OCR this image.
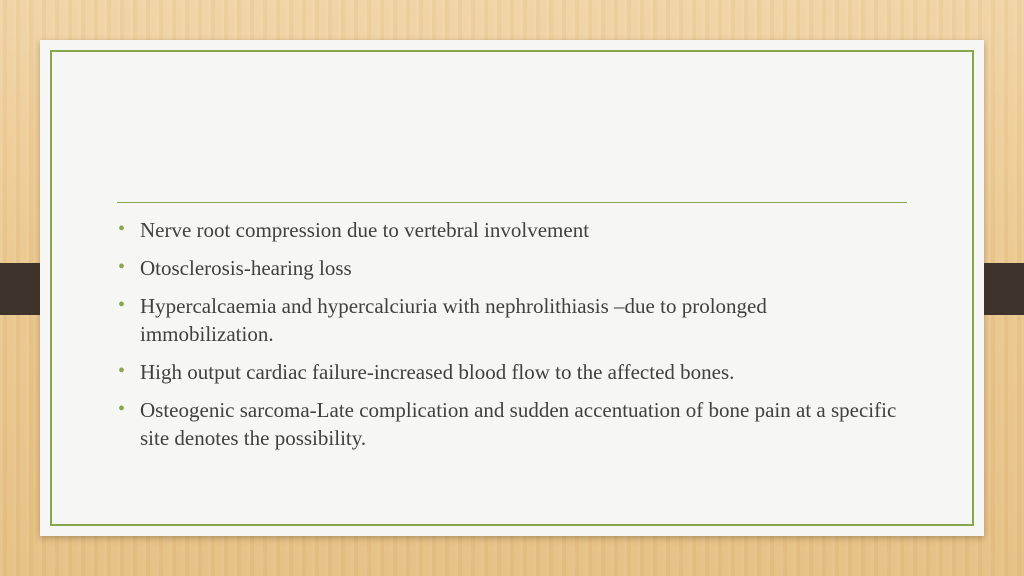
• Nerve root compression due to vertebral involvement
• Otosclerosis-hearing loss
• Hypercalcaemia and hypercalciuria with nephrolithiasis –due to prolonged immobilization.
• High output cardiac failure-increased blood flow to the affected bones.
• Osteogenic sarcoma-Late complication and sudden accentuation of bone pain at a specific site denotes the possibility.
